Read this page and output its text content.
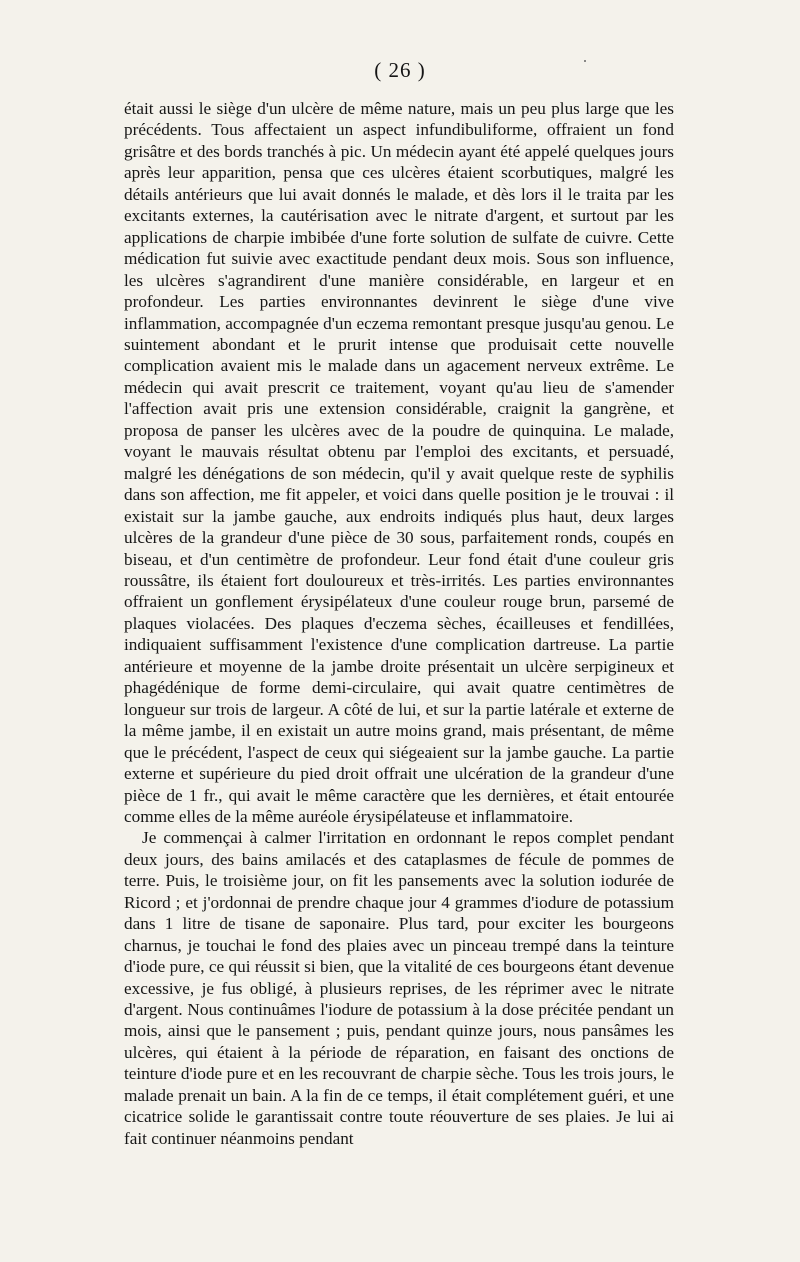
( 26 )

était aussi le siège d'un ulcère de même nature, mais un peu plus large que les précédents. Tous affectaient un aspect infundibuliforme, offraient un fond grisâtre et des bords tranchés à pic. Un médecin ayant été appelé quelques jours après leur apparition, pensa que ces ulcères étaient scorbutiques, malgré les détails antérieurs que lui avait donnés le malade, et dès lors il le traita par les excitants externes, la cautérisation avec le nitrate d'argent, et surtout par les applications de charpie imbibée d'une forte solution de sulfate de cuivre. Cette médication fut suivie avec exactitude pendant deux mois. Sous son influence, les ulcères s'agrandirent d'une manière considérable, en largeur et en profondeur. Les parties environnantes devinrent le siège d'une vive inflammation, accompagnée d'un eczema remontant presque jusqu'au genou. Le suintement abondant et le prurit intense que produisait cette nouvelle complication avaient mis le malade dans un agacement nerveux extrême. Le médecin qui avait prescrit ce traitement, voyant qu'au lieu de s'amender l'affection avait pris une extension considérable, craignit la gangrène, et proposa de panser les ulcères avec de la poudre de quinquina. Le malade, voyant le mauvais résultat obtenu par l'emploi des excitants, et persuadé, malgré les dénégations de son médecin, qu'il y avait quelque reste de syphilis dans son affection, me fit appeler, et voici dans quelle position je le trouvai : il existait sur la jambe gauche, aux endroits indiqués plus haut, deux larges ulcères de la grandeur d'une pièce de 30 sous, parfaitement ronds, coupés en biseau, et d'un centimètre de profondeur. Leur fond était d'une couleur gris roussâtre, ils étaient fort douloureux et très-irrités. Les parties environnantes offraient un gonflement érysipélateux d'une couleur rouge brun, parsemé de plaques violacées. Des plaques d'eczema sèches, écailleuses et fendillées, indiquaient suffisamment l'existence d'une complication dartreuse. La partie antérieure et moyenne de la jambe droite présentait un ulcère serpigineux et phagédénique de forme demi-circulaire, qui avait quatre centimètres de longueur sur trois de largeur. A côté de lui, et sur la partie latérale et externe de la même jambe, il en existait un autre moins grand, mais présentant, de même que le précédent, l'aspect de ceux qui siégeaient sur la jambe gauche. La partie externe et supérieure du pied droit offrait une ulcération de la grandeur d'une pièce de 1 fr., qui avait le même caractère que les dernières, et était entourée comme elles de la même auréole érysipélateuse et inflammatoire.

Je commençai à calmer l'irritation en ordonnant le repos complet pendant deux jours, des bains amilacés et des cataplasmes de fécule de pommes de terre. Puis, le troisième jour, on fit les pansements avec la solution iodurée de Ricord ; et j'ordonnai de prendre chaque jour 4 grammes d'iodure de potassium dans 1 litre de tisane de saponaire. Plus tard, pour exciter les bourgeons charnus, je touchai le fond des plaies avec un pinceau trempé dans la teinture d'iode pure, ce qui réussit si bien, que la vitalité de ces bourgeons étant devenue excessive, je fus obligé, à plusieurs reprises, de les réprimer avec le nitrate d'argent. Nous continuâmes l'iodure de potassium à la dose précitée pendant un mois, ainsi que le pansement ; puis, pendant quinze jours, nous pansâmes les ulcères, qui étaient à la période de réparation, en faisant des onctions de teinture d'iode pure et en les recouvrant de charpie sèche. Tous les trois jours, le malade prenait un bain. A la fin de ce temps, il était complétement guéri, et une cicatrice solide le garantissait contre toute réouverture de ses plaies. Je lui ai fait continuer néanmoins pendant
